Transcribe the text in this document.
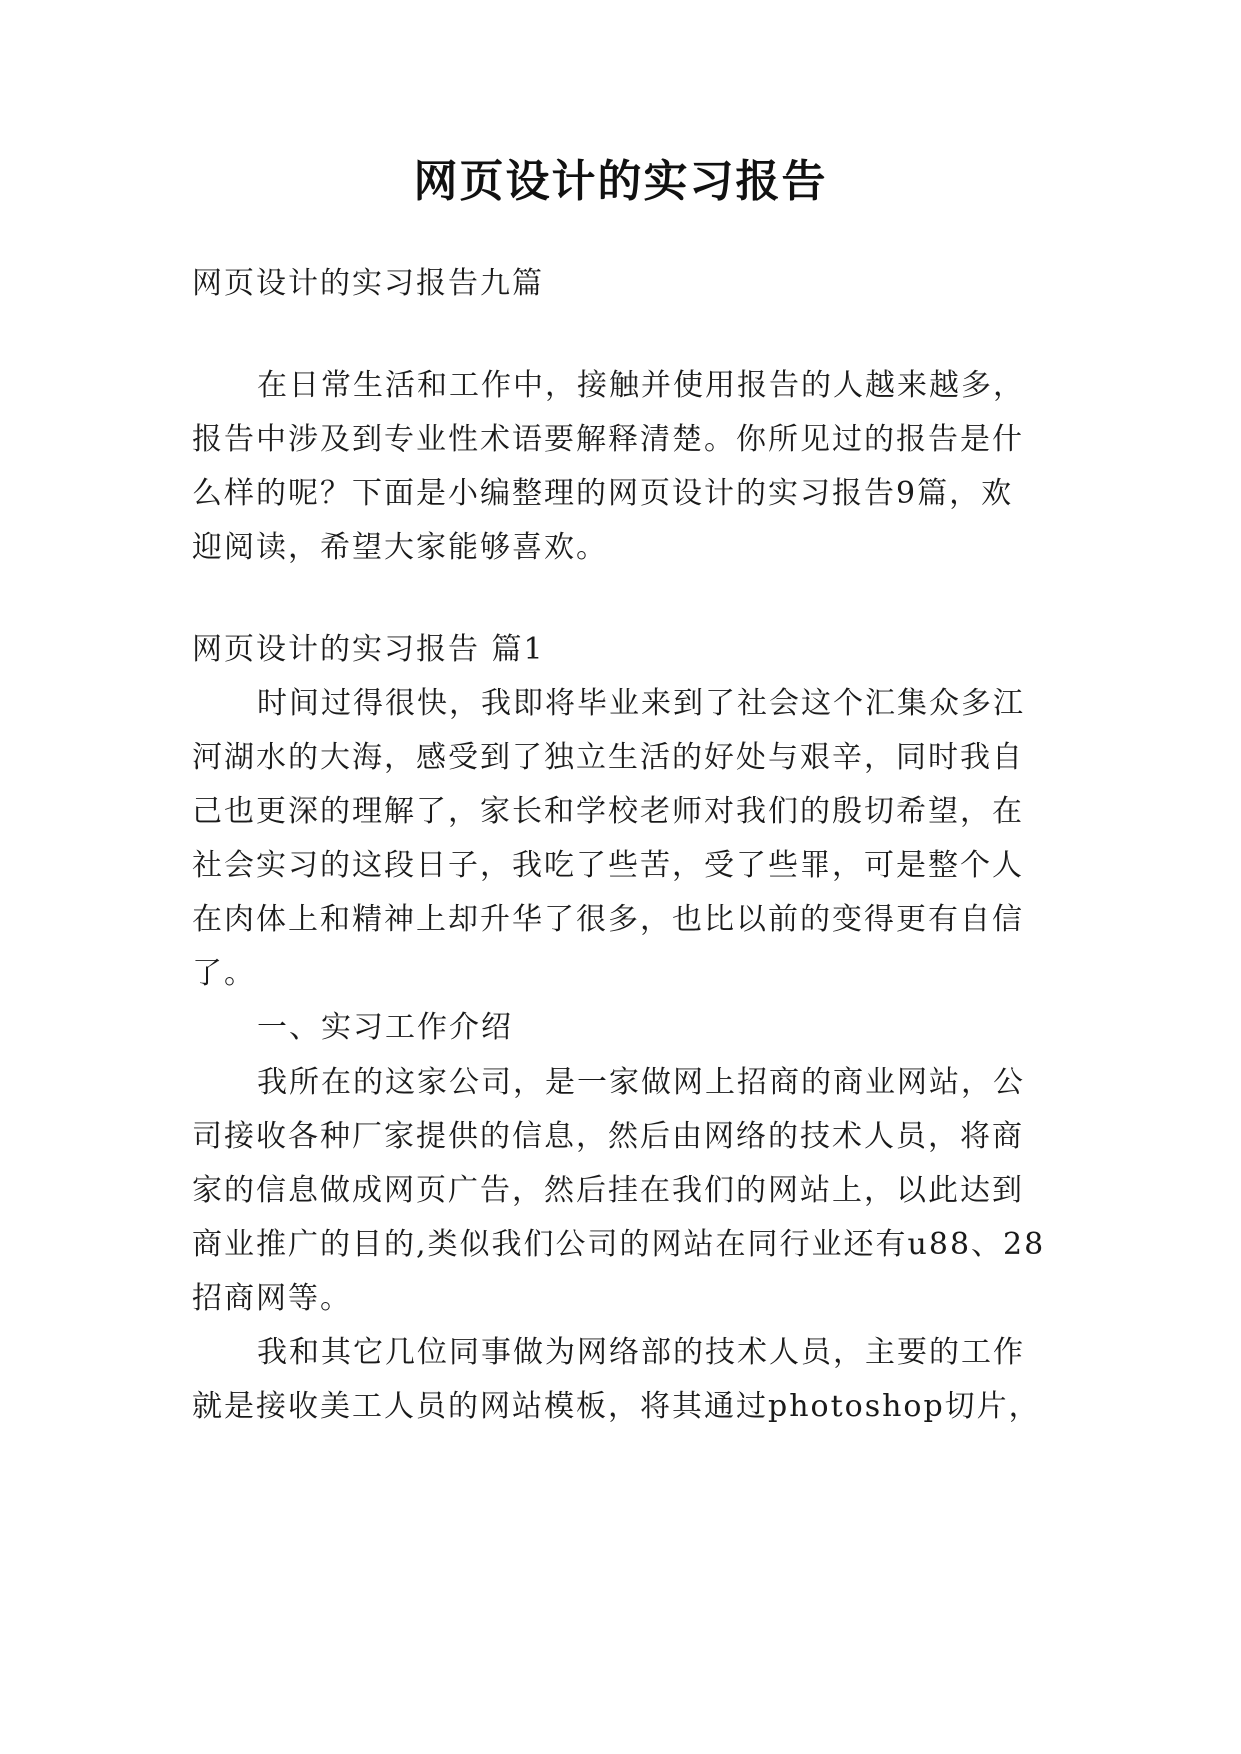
网页设计的实习报告
网页设计的实习报告九篇
在日常生活和工作中，接触并使用报告的人越来越多，
报告中涉及到专业性术语要解释清楚。你所见过的报告是什
么样的呢？下面是小编整理的网页设计的实习报告9篇，欢
迎阅读，希望大家能够喜欢。
网页设计的实习报告 篇1
时间过得很快，我即将毕业来到了社会这个汇集众多江
河湖水的大海，感受到了独立生活的好处与艰辛，同时我自
己也更深的理解了，家长和学校老师对我们的殷切希望，在
社会实习的这段日子，我吃了些苦，受了些罪，可是整个人
在肉体上和精神上却升华了很多，也比以前的变得更有自信
了。
一、实习工作介绍
我所在的这家公司，是一家做网上招商的商业网站，公
司接收各种厂家提供的信息，然后由网络的技术人员，将商
家的信息做成网页广告，然后挂在我们的网站上，以此达到
商业推广的目的,类似我们公司的网站在同行业还有u88、28
招商网等。
我和其它几位同事做为网络部的技术人员，主要的工作
就是接收美工人员的网站模板，将其通过photoshop切片，
